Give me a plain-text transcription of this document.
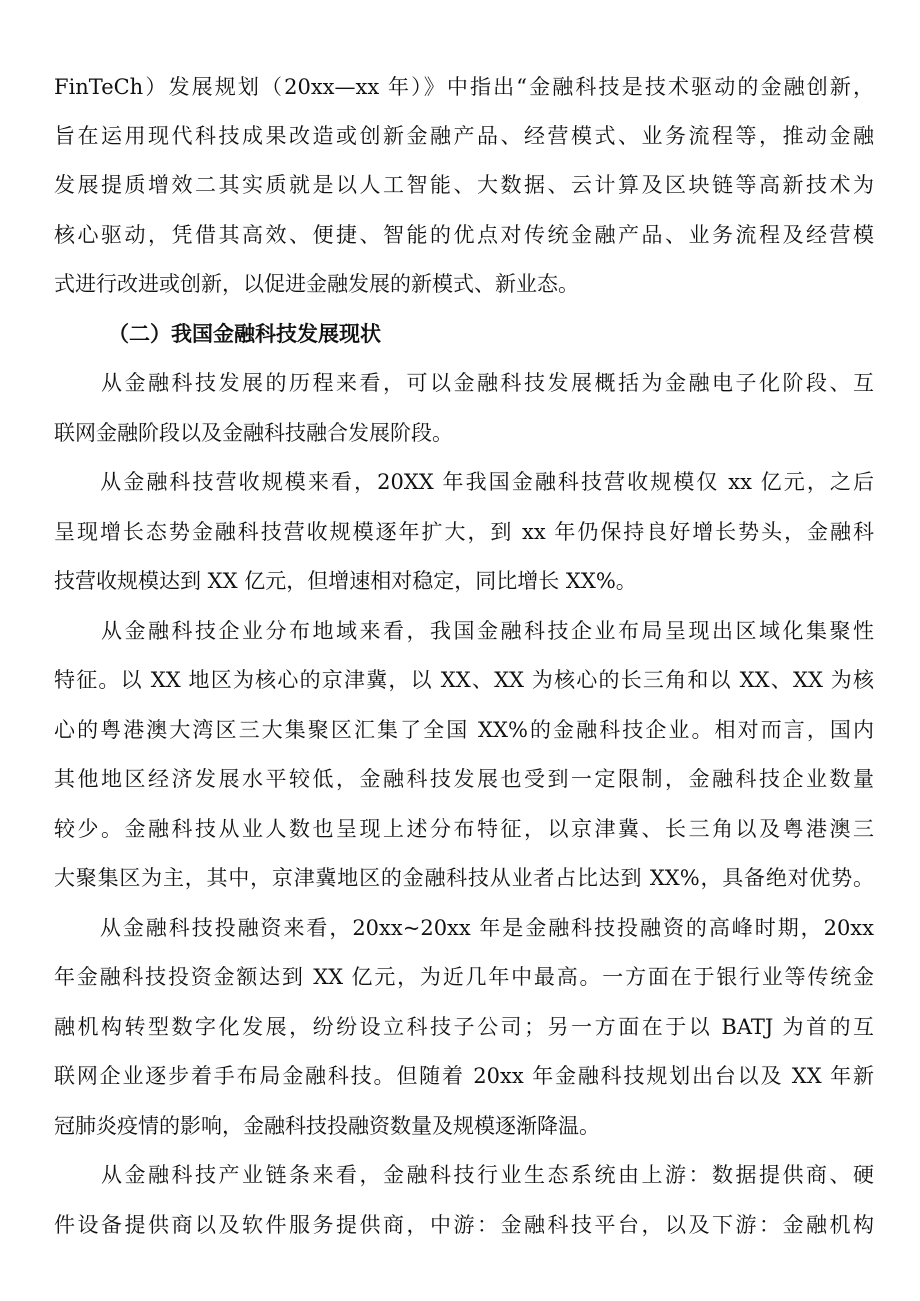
FinTeCh）发展规划（20xx—xx 年）》中指出“金融科技是技术驱动的金融创新，
旨在运用现代科技成果改造或创新金融产品、经营模式、业务流程等，推动金融
发展提质增效二其实质就是以人工智能、大数据、云计算及区块链等高新技术为
核心驱动，凭借其高效、便捷、智能的优点对传统金融产品、业务流程及经营模
式进行改进或创新，以促进金融发展的新模式、新业态。
（二）我国金融科技发展现状
　　从金融科技发展的历程来看，可以金融科技发展概括为金融电子化阶段、互
联网金融阶段以及金融科技融合发展阶段。
　　从金融科技营收规模来看，20XX 年我国金融科技营收规模仅 xx 亿元，之后
呈现增长态势金融科技营收规模逐年扩大，到 xx 年仍保持良好增长势头，金融科
技营收规模达到 XX 亿元，但增速相对稳定，同比增长 XX%。
　　从金融科技企业分布地域来看，我国金融科技企业布局呈现出区域化集聚性
特征。以 XX 地区为核心的京津冀，以 XX、XX 为核心的长三角和以 XX、XX 为核
心的粤港澳大湾区三大集聚区汇集了全国 XX%的金融科技企业。相对而言，国内
其他地区经济发展水平较低，金融科技发展也受到一定限制，金融科技企业数量
较少。金融科技从业人数也呈现上述分布特征，以京津冀、长三角以及粤港澳三
大聚集区为主，其中，京津冀地区的金融科技从业者占比达到 XX%，具备绝对优势。
　　从金融科技投融资来看，20xx~20xx 年是金融科技投融资的高峰时期，20xx
年金融科技投资金额达到 XX 亿元，为近几年中最高。一方面在于银行业等传统金
融机构转型数字化发展，纷纷设立科技子公司；另一方面在于以 BATJ 为首的互
联网企业逐步着手布局金融科技。但随着 20xx 年金融科技规划出台以及 XX 年新
冠肺炎疫情的影响，金融科技投融资数量及规模逐渐降温。
　　从金融科技产业链条来看，金融科技行业生态系统由上游：数据提供商、硬
件设备提供商以及软件服务提供商，中游：金融科技平台，以及下游：金融机构
